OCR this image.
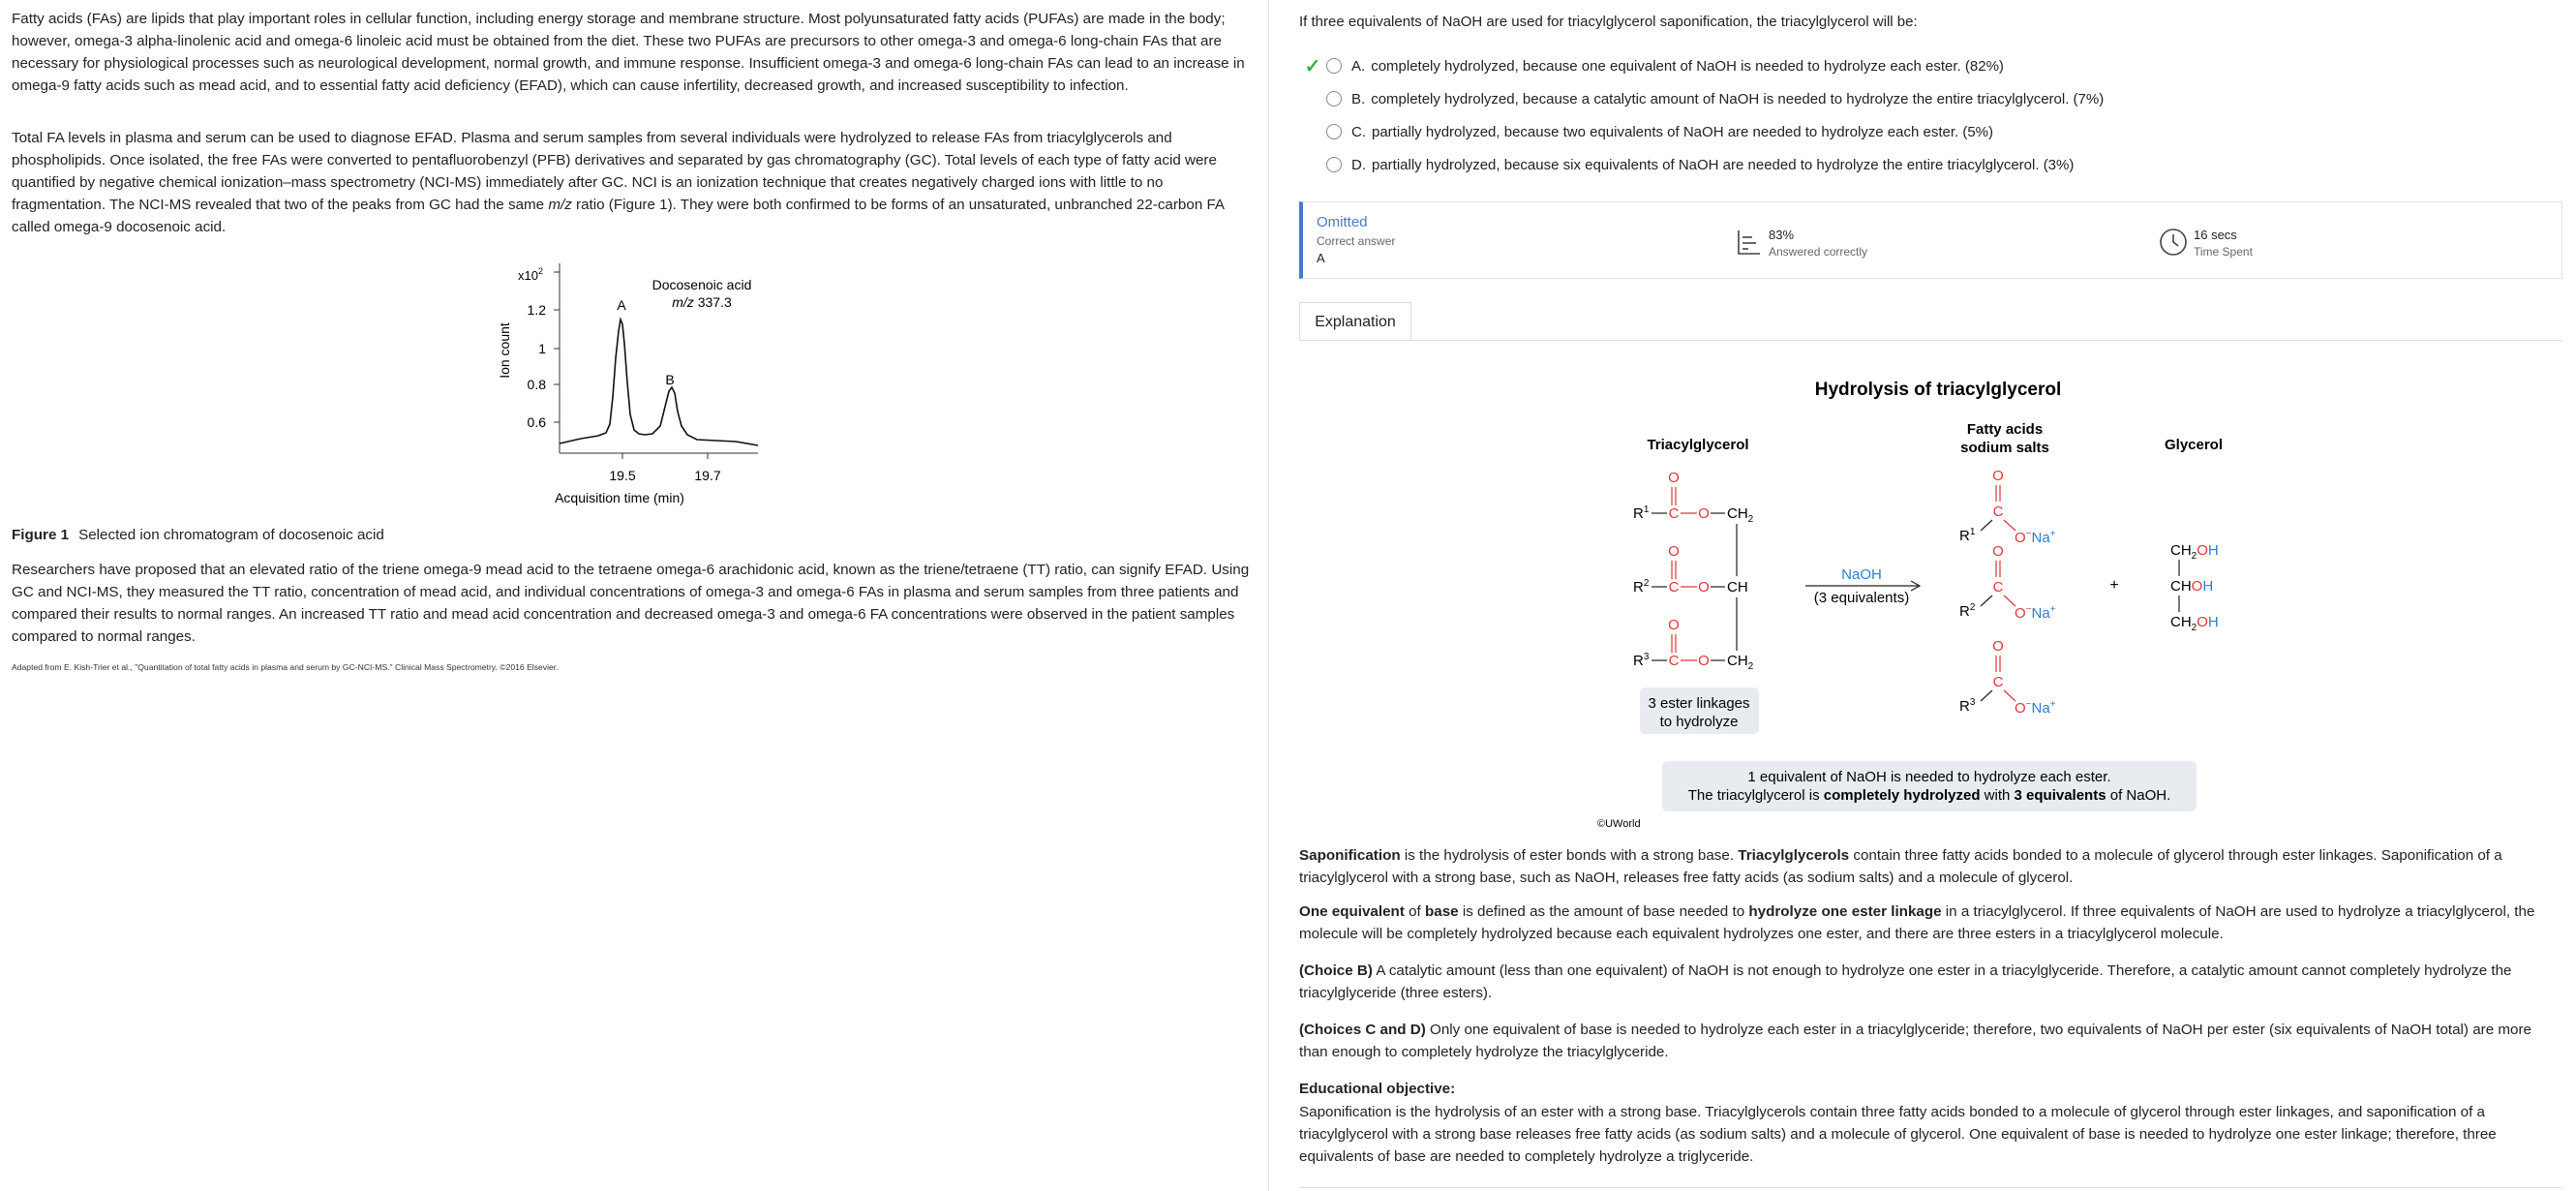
Fatty acids (FAs) are lipids that play important roles in cellular function, including energy storage and membrane structure. Most polyunsaturated fatty acids (PUFAs) are made in the body; however, omega-3 alpha-linolenic acid and omega-6 linoleic acid must be obtained from the diet. These two PUFAs are precursors to other omega-3 and omega-6 long-chain FAs that are necessary for physiological processes such as neurological development, normal growth, and immune response. Insufficient omega-3 and omega-6 long-chain FAs can lead to an increase in omega-9 fatty acids such as mead acid, and to essential fatty acid deficiency (EFAD), which can cause infertility, decreased growth, and increased susceptibility to infection.

Total FA levels in plasma and serum can be used to diagnose EFAD. Plasma and serum samples from several individuals were hydrolyzed to release FAs from triacylglycerols and phospholipids. Once isolated, the free FAs were converted to pentafluorobenzyl (PFB) derivatives and separated by gas chromatography (GC). Total levels of each type of fatty acid were quantified by negative chemical ionization–mass spectrometry (NCI-MS) immediately after GC. NCI is an ionization technique that creates negatively charged ions with little to no fragmentation. The NCI-MS revealed that two of the peaks from GC had the same m/z ratio (Figure 1). They were both confirmed to be forms of an unsaturated, unbranched 22-carbon FA called omega-9 docosenoic acid.

$x10^2$
1.2
1
0.8
0.6
19.5	19.7
Ion count
Acquisition time (min)
A
B
Docosenoic acid
m/z 337.3
Figure 1 Selected ion chromatogram of docosenoic acid

Researchers have proposed that an elevated ratio of the triene omega-9 mead acid to the tetraene omega-6 arachidonic acid, known as the triene/tetraene (TT) ratio, can signify EFAD. Using GC and NCI-MS, they measured the TT ratio, concentration of mead acid, and individual concentrations of omega-3 and omega-6 FAs in plasma and serum samples from three patients and compared their results to normal ranges. An increased TT ratio and mead acid concentration and decreased omega-3 and omega-6 FA concentrations were observed in the patient samples compared to normal ranges.

Adapted from E. Kish-Trier et al., "Quantitation of total fatty acids in plasma and serum by GC-NCI-MS." Clinical Mass Spectrometry. ©2016 Elsevier.
If three equivalents of NaOH are used for triacylglycerol saponification, the triacylglycerol will be:
✓	A. completely hydrolyzed, because one equivalent of NaOH is needed to hydrolyze each ester. (82%)
B. completely hydrolyzed, because a catalytic amount of NaOH is needed to hydrolyze the entire triacylglycerol. (7%)
C. partially hydrolyzed, because two equivalents of NaOH are needed to hydrolyze each ester. (5%)
D. partially hydrolyzed, because six equivalents of NaOH are needed to hydrolyze the entire triacylglycerol. (3%)
Omitted
Correct answer
A
83%
Answered correctly
16 secs
Time Spent
Explanation
Hydrolysis of triacylglycerol
Triacylglycerol
Fatty acids
sodium salts	Glycerol
O
$R^1$ C O $CH_2$
O
$R^2$ C O CH
O
$R^3$ C O $CH_2$
3 ester linkages
to hydrolyze
NaOH
(3 equivalents)
O
C
$R^1$	O−Na+
O
C
$R^2$	O−Na+
O
C
$R^3$	O−Na+
+
$CH_2OH$
CHOH
$CH_2OH$
1 equivalent of NaOH is needed to hydrolyze each ester.
The triacylglycerol is completely hydrolyzed with 3 equivalents of NaOH.
©UWorld

Saponification is the hydrolysis of ester bonds with a strong base. Triacylglycerols contain three fatty acids bonded to a molecule of glycerol through ester linkages. Saponification of a triacylglycerol with a strong base, such as NaOH, releases free fatty acids (as sodium salts) and a molecule of glycerol.

One equivalent of base is defined as the amount of base needed to hydrolyze one ester linkage in a triacylglycerol. If three equivalents of NaOH are used to hydrolyze a triacylglycerol, the molecule will be completely hydrolyzed because each equivalent hydrolyzes one ester, and there are three esters in a triacylglycerol molecule.

(Choice B) A catalytic amount (less than one equivalent) of NaOH is not enough to hydrolyze one ester in a triacylglyceride. Therefore, a catalytic amount cannot completely hydrolyze the triacylglyceride (three esters).

(Choices C and D) Only one equivalent of base is needed to hydrolyze each ester in a triacylglyceride; therefore, two equivalents of NaOH per ester (six equivalents of NaOH total) are more than enough to completely hydrolyze the triacylglyceride.

Educational objective:

Saponification is the hydrolysis of an ester with a strong base. Triacylglycerols contain three fatty acids bonded to a molecule of glycerol through ester linkages, and saponification of a triacylglycerol with a strong base releases free fatty acids (as sodium salts) and a molecule of glycerol. One equivalent of base is needed to hydrolyze one ester linkage; therefore, three equivalents of base are needed to completely hydrolyze a triglyceride.
